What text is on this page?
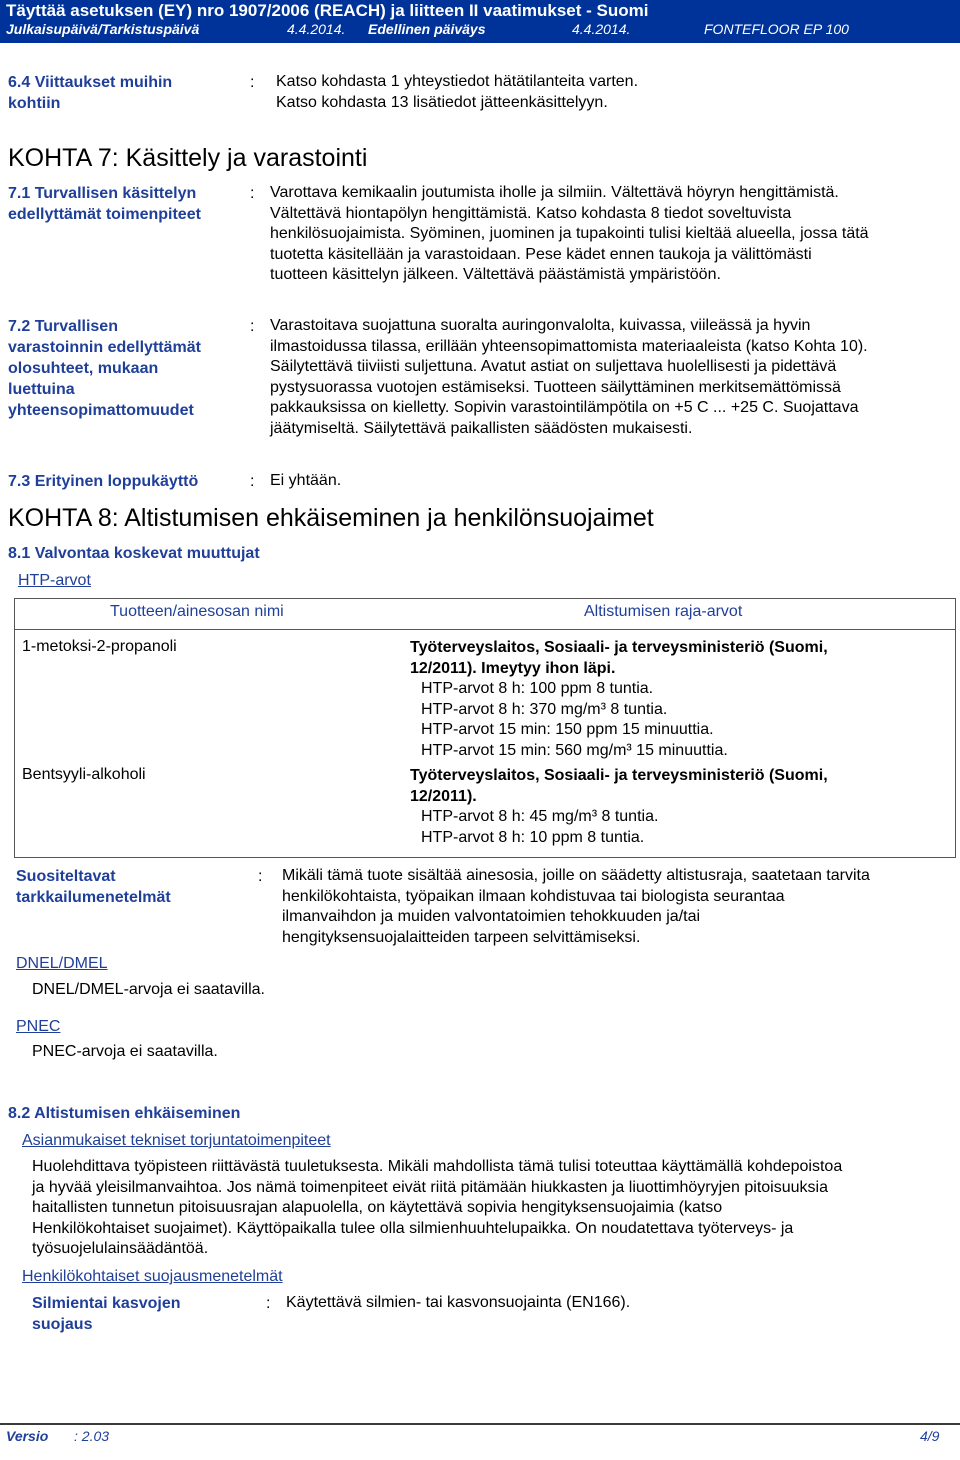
Täyttää asetuksen (EY) nro 1907/2006 (REACH) ja liitteen II vaatimukset - Suomi
Julkaisupäivä/Tarkistuspäivä	4.4.2014. Edellinen päiväys	4.4.2014.	FONTEFLOOR EP 100
6.4 Viittaukset muihin
kohtiin
: Katso kohdasta 1 yhteystiedot hätätilanteita varten.
Katso kohdasta 13 lisätiedot jätteenkäsittelyyn.
KOHTA 7: Käsittely ja varastointi
7.1 Turvallisen käsittelyn
edellyttämät toimenpiteet
: Varottava kemikaalin joutumista iholle ja silmiin. Vältettävä höyryn hengittämistä.
Vältettävä hiontapölyn hengittämistä. Katso kohdasta 8 tiedot soveltuvista
henkilösuojaimista. Syöminen, juominen ja tupakointi tulisi kieltää alueella, jossa tätä
tuotetta käsitellään ja varastoidaan. Pese kädet ennen taukoja ja välittömästi
tuotteen käsittelyn jälkeen. Vältettävä päästämistä ympäristöön.
7.2 Turvallisen
varastoinnin edellyttämät
olosuhteet, mukaan
luettuina
yhteensopimattomuudet
: Varastoitava suojattuna suoralta auringonvalolta, kuivassa, viileässä ja hyvin
ilmastoidussa tilassa, erillään yhteensopimattomista materiaaleista (katso Kohta 10).
Säilytettävä tiiviisti suljettuna. Avatut astiat on suljettava huolellisesti ja pidettävä
pystysuorassa vuotojen estämiseksi. Tuotteen säilyttäminen merkitsemättömissä
pakkauksissa on kielletty. Sopivin varastointilämpötila on +5 C ... +25 C. Suojattava
jäätymiseltä. Säilytettävä paikallisten säädösten mukaisesti.
7.3 Erityinen loppukäyttö	: Ei yhtään.
KOHTA 8: Altistumisen ehkäiseminen ja henkilönsuojaimet
8.1 Valvontaa koskevat muuttujat
HTP-arvot
Tuotteen/ainesosan nimi	Altistumisen raja-arvot
1-metoksi-2-propanoli	Työterveyslaitos, Sosiaali- ja terveysministeriö (Suomi,
12/2011). Imeytyy ihon läpi.
HTP-arvot 8 h: 100 ppm 8 tuntia.
HTP-arvot 8 h: 370 mg/m³ 8 tuntia.
HTP-arvot 15 min: 150 ppm 15 minuuttia.
HTP-arvot 15 min: 560 mg/m³ 15 minuuttia.
Bentsyyli-alkoholi	Työterveyslaitos, Sosiaali- ja terveysministeriö (Suomi,
12/2011).
HTP-arvot 8 h: 45 mg/m³ 8 tuntia.
HTP-arvot 8 h: 10 ppm 8 tuntia.
Suositeltavat
tarkkailumenetelmät
: Mikäli tämä tuote sisältää ainesosia, joille on säädetty altistusraja, saatetaan tarvita
henkilökohtaista, työpaikan ilmaan kohdistuvaa tai biologista seurantaa
ilmanvaihdon ja muiden valvontatoimien tehokkuuden ja/tai
hengityksensuojalaitteiden tarpeen selvittämiseksi.
DNEL/DMEL
DNEL/DMEL-arvoja ei saatavilla.
PNEC
PNEC-arvoja ei saatavilla.
8.2 Altistumisen ehkäiseminen
Asianmukaiset tekniset torjuntatoimenpiteet
Huolehdittava työpisteen riittävästä tuuletuksesta. Mikäli mahdollista tämä tulisi toteuttaa käyttämällä kohdepoistoa
ja hyvää yleisilmanvaihtoa. Jos nämä toimenpiteet eivät riitä pitämään hiukkasten ja liuottimhöyryjen pitoisuuksia
haitallisten tunnetun pitoisuusrajan alapuolella, on käytettävä sopivia hengityksensuojaimia (katso
Henkilökohtaiset suojaimet). Käyttöpaikalla tulee olla silmienhuuhtelupaikka. On noudatettava työterveys- ja
työsuojelulainsäädäntöä.
Henkilökohtaiset suojausmenetelmät
Silmientai kasvojen
suojaus
: Käytettävä silmien- tai kasvonsuojainta (EN166).
Versio : 2.03	4/9
